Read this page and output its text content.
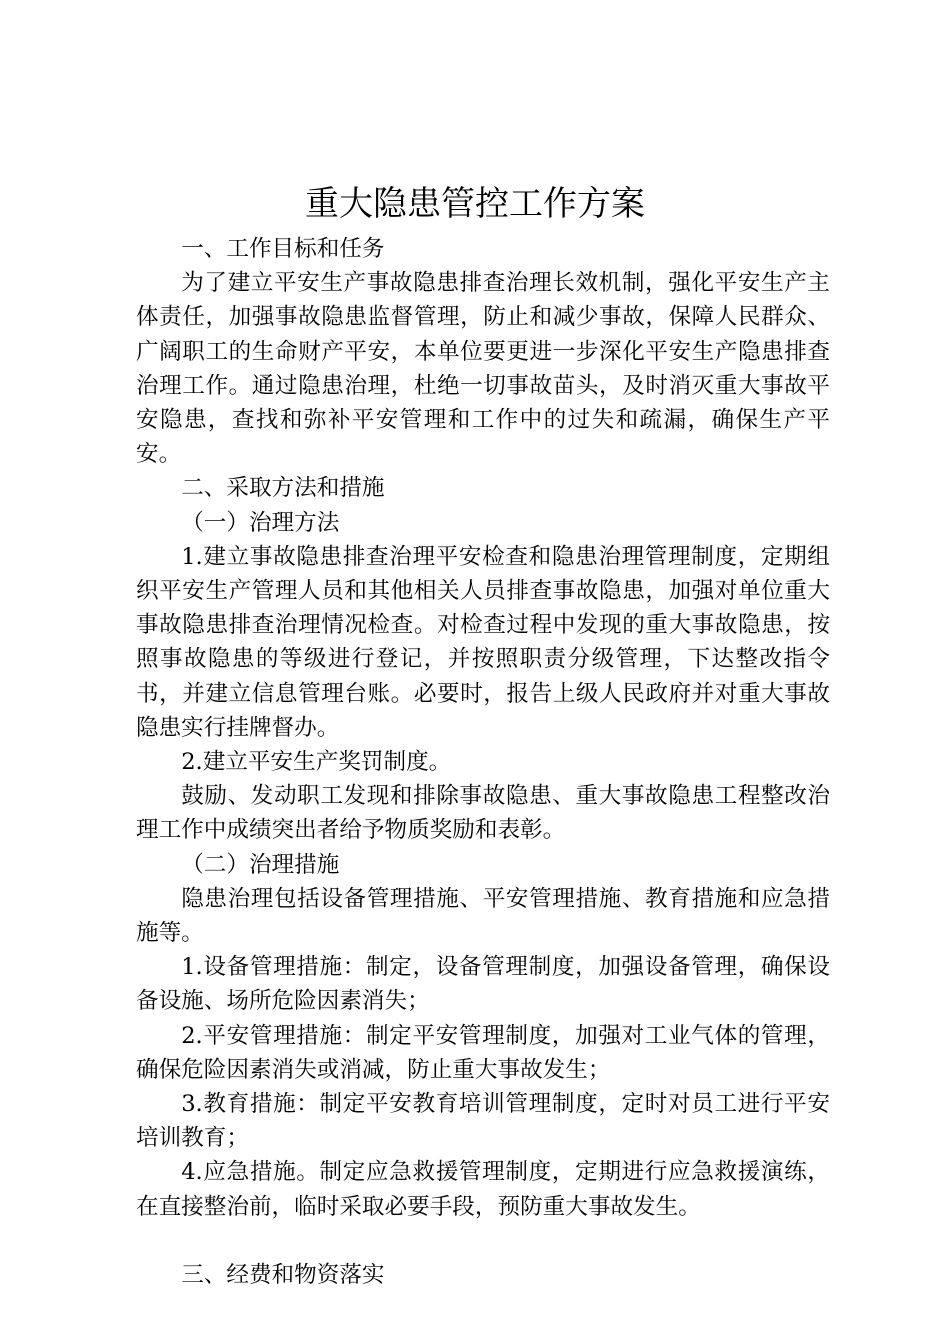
重大隐患管控工作方案

一、工作目标和任务

为了建立平安生产事故隐患排查治理长效机制，强化平安生产主体责任，加强事故隐患监督管理，防止和减少事故，保障人民群众、广阔职工的生命财产平安，本单位要更进一步深化平安生产隐患排查治理工作。通过隐患治理，杜绝一切事故苗头，及时消灭重大事故平安隐患，查找和弥补平安管理和工作中的过失和疏漏，确保生产平安。

二、采取方法和措施

（一）治理方法

1.建立事故隐患排查治理平安检查和隐患治理管理制度，定期组织平安生产管理人员和其他相关人员排查事故隐患，加强对单位重大事故隐患排查治理情况检查。对检查过程中发现的重大事故隐患，按照事故隐患的等级进行登记，并按照职责分级管理，下达整改指令书，并建立信息管理台账。必要时，报告上级人民政府并对重大事故隐患实行挂牌督办。

2.建立平安生产奖罚制度。

鼓励、发动职工发现和排除事故隐患、重大事故隐患工程整改治理工作中成绩突出者给予物质奖励和表彰。

（二）治理措施

隐患治理包括设备管理措施、平安管理措施、教育措施和应急措施等。

1.设备管理措施：制定，设备管理制度，加强设备管理，确保设备设施、场所危险因素消失；

2.平安管理措施：制定平安管理制度，加强对工业气体的管理，确保危险因素消失或消减，防止重大事故发生；

3.教育措施：制定平安教育培训管理制度，定时对员工进行平安培训教育；

4.应急措施。制定应急救援管理制度，定期进行应急救援演练，在直接整治前，临时采取必要手段，预防重大事故发生。

三、经费和物资落实
